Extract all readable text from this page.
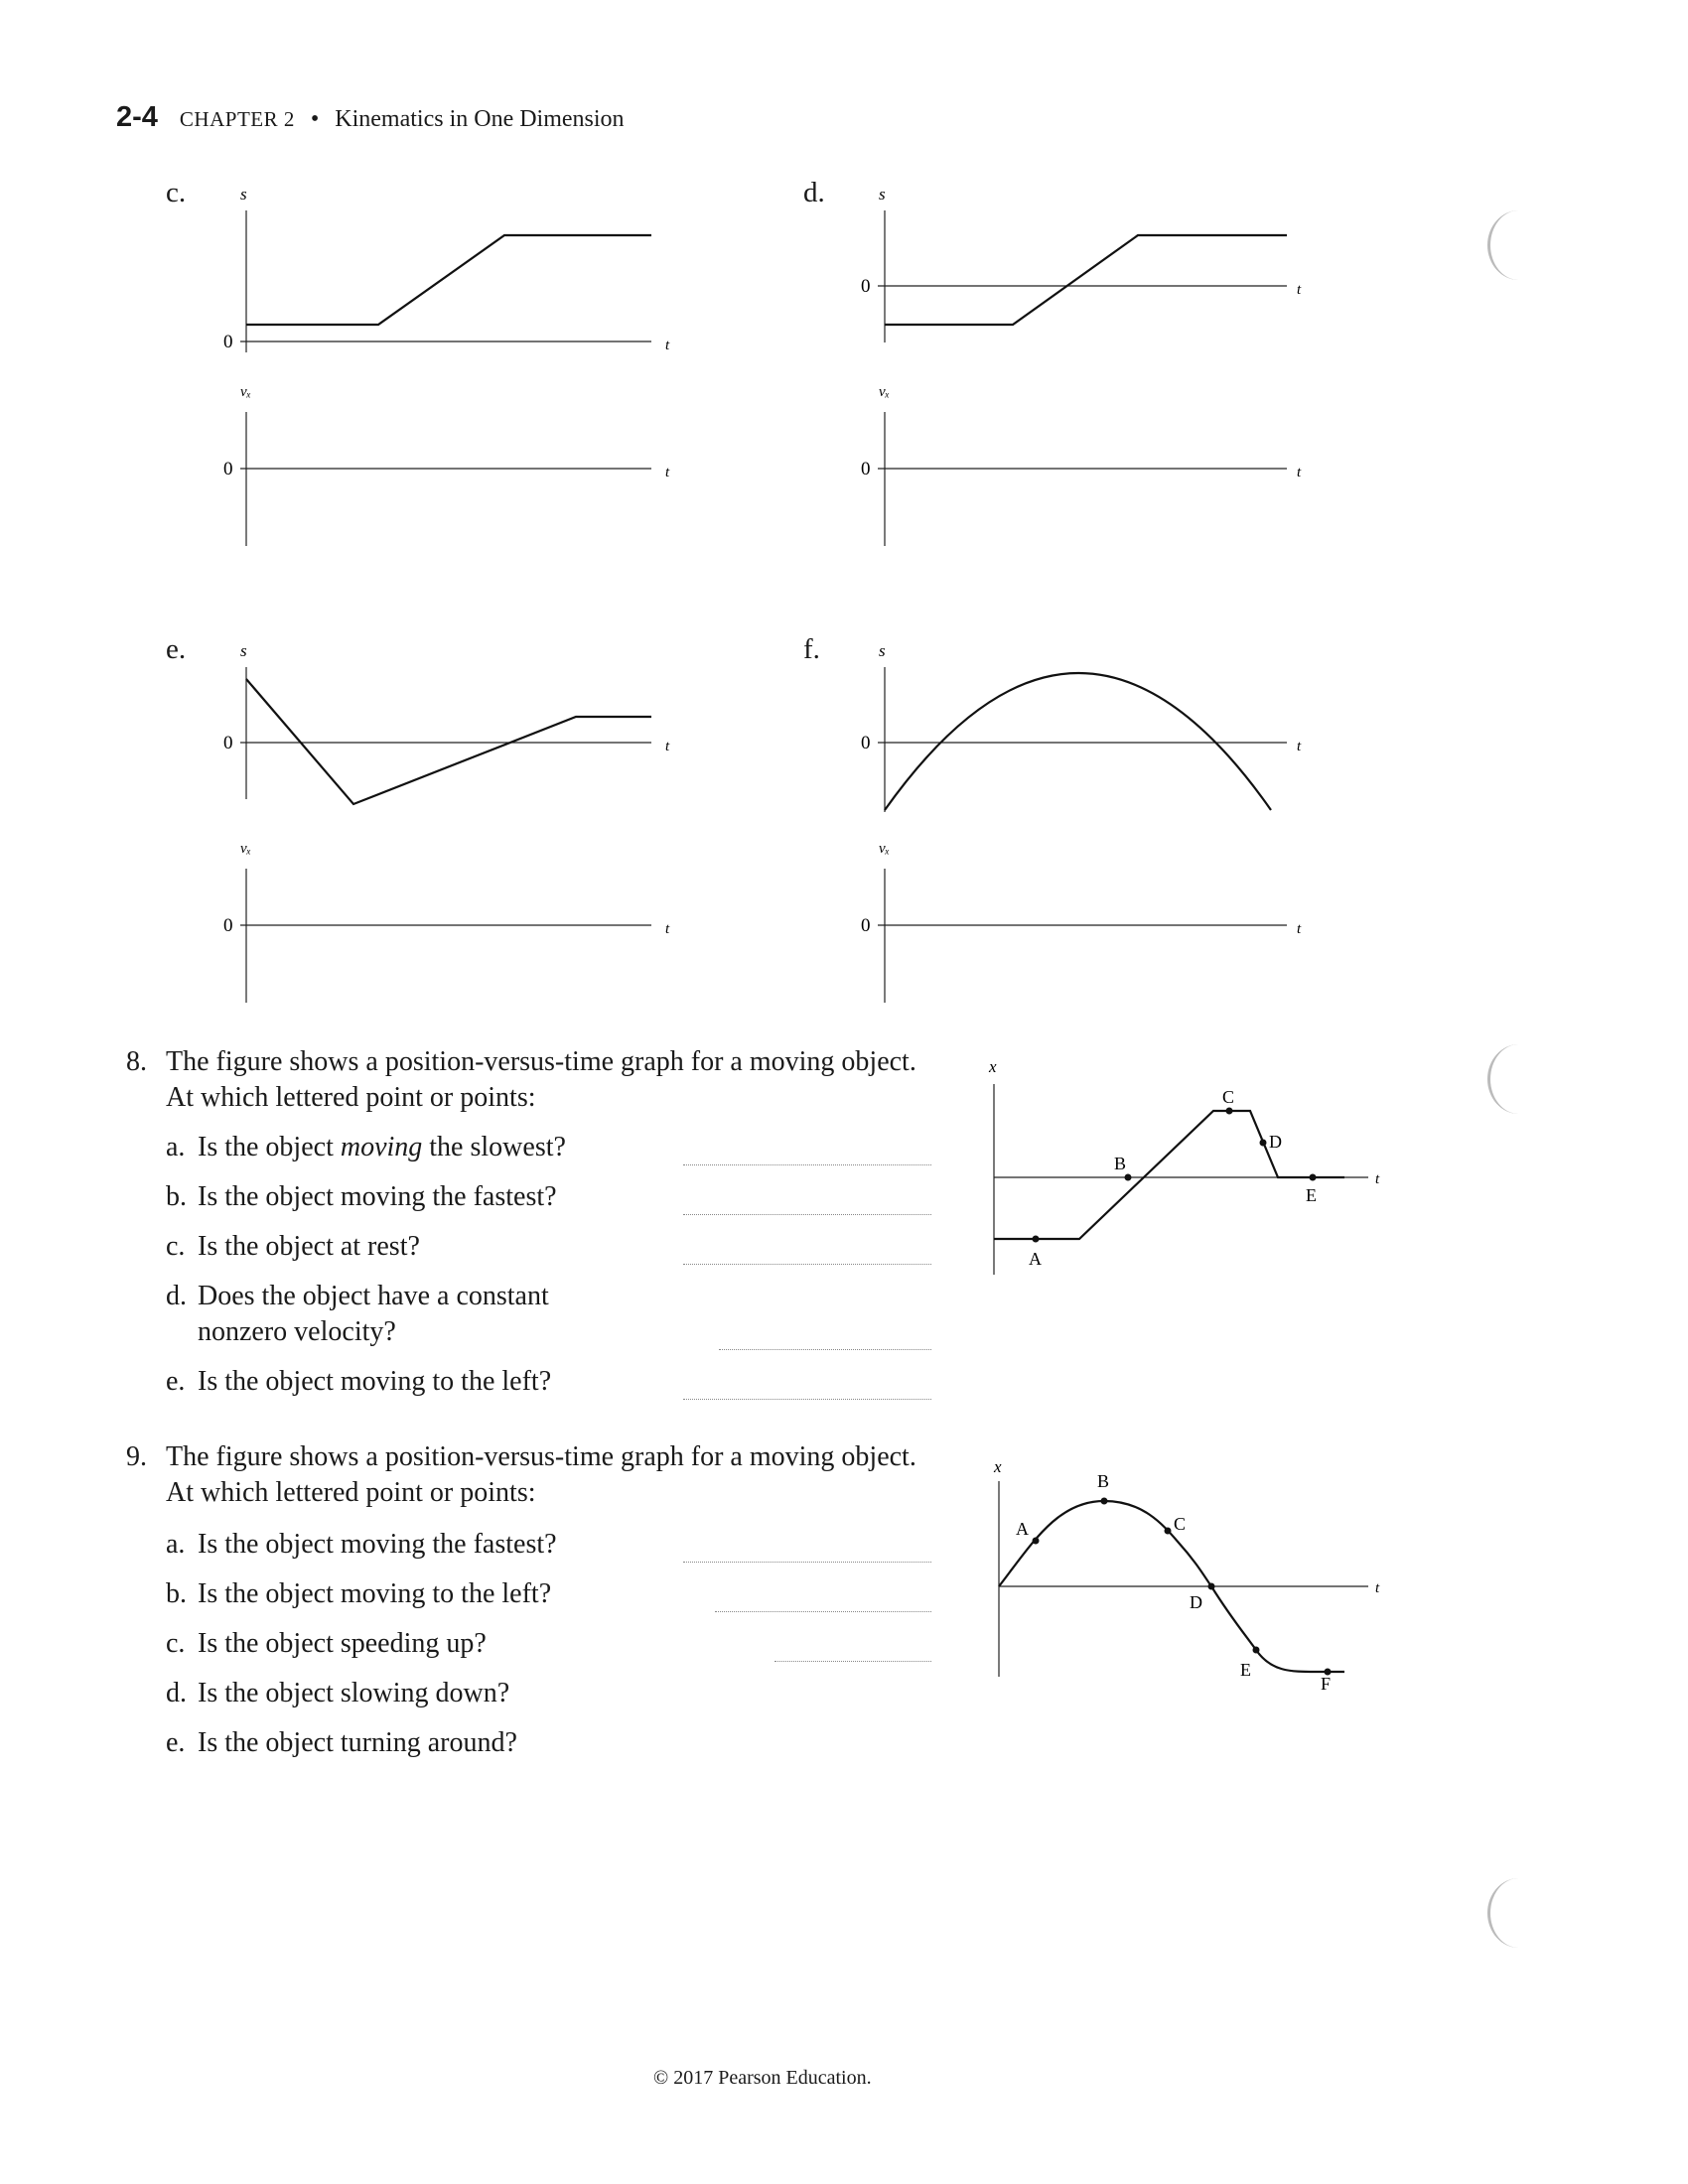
2-4 CHAPTER 2 • Kinematics in One Dimension
c.	s
0	t
vₓ
0	t
d.	s
0	t
vₓ
0	t
e.	s
0	t
vₓ
0	t
f.	s
0	t
vₓ
0	t
8. The figure shows a position-versus-time graph for a moving object. At which lettered point or points:
a. Is the object moving the slowest?
b. Is the object moving the fastest?
c. Is the object at rest?
d. Does the object have a constant
nonzero velocity?
e. Is the object moving to the left?
x
t
A
B
C
D
E
9. The figure shows a position-versus-time graph for a moving object. At which lettered point or points:
a. Is the object moving the fastest?
b. Is the object moving to the left?
c. Is the object speeding up?
d. Is the object slowing down?
e. Is the object turning around?
x
t
A
B
C
D
E
F
© 2017 Pearson Education.
